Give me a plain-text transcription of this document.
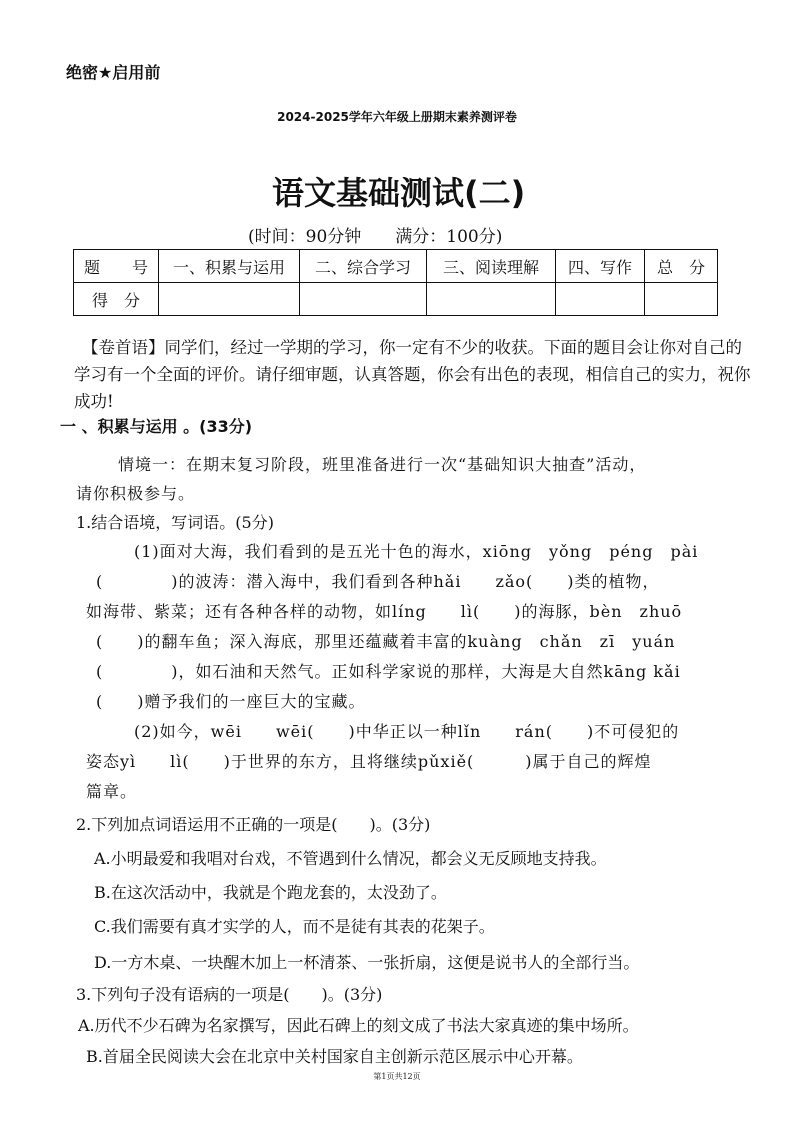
绝密★启用前
2024-2025学年六年级上册期末素养测评卷
语文基础测试(二)
(时间：90分钟　　满分：100分)
题　　号	一、积累与运用	二、综合学习	三、阅读理解	四、写作	总　分
得　分					
【卷首语】同学们，经过一学期的学习，你一定有不少的收获。下面的题目会让你对自己的学习有一个全面的评价。请仔细审题，认真答题，你会有出色的表现，相信自己的实力，祝你成功!
一 、积累与运用 。(33分)
情境一：在期末复习阶段，班里准备进行一次“基础知识大抽查”活动，
请你积极参与。
1.结合语境，写词语。(5分)
(1)面对大海，我们看到的是五光十色的海水，xiōng　yǒng　péng　pài
(　　　　)的波涛：潜入海中，我们看到各种hǎi　　zǎo(　　)类的植物，
如海带、紫菜；还有各种各样的动物，如líng　　lì(　　)的海豚，bèn　zhuō
(　　)的翻车鱼；深入海底，那里还蕴藏着丰富的kuàng　chǎn　zī　yuán
(　　　　)，如石油和天然气。正如科学家说的那样，大海是大自然kāng kǎi
(　　)赠予我们的一座巨大的宝藏。
(2)如今，wēi　　wēi(　　)中华正以一种lǐn　　rán(　　)不可侵犯的
姿态yì　　lì(　　)于世界的东方，且将继续pǔxiě(　　　)属于自己的辉煌
篇章。
2.下列加点词语运用不正确的一项是(　　)。(3分)
A.小明最爱和我唱对台戏，不管遇到什么情况，都会义无反顾地支持我。
B.在这次活动中，我就是个跑龙套的，太没劲了。
C.我们需要有真才实学的人，而不是徒有其表的花架子。
D.一方木桌、一块醒木加上一杯清茶、一张折扇，这便是说书人的全部行当。
3.下列句子没有语病的一项是(　　)。(3分)
A.历代不少石碑为名家撰写，因此石碑上的刻文成了书法大家真迹的集中场所。
B.首届全民阅读大会在北京中关村国家自主创新示范区展示中心开幕。
第1页共12页
